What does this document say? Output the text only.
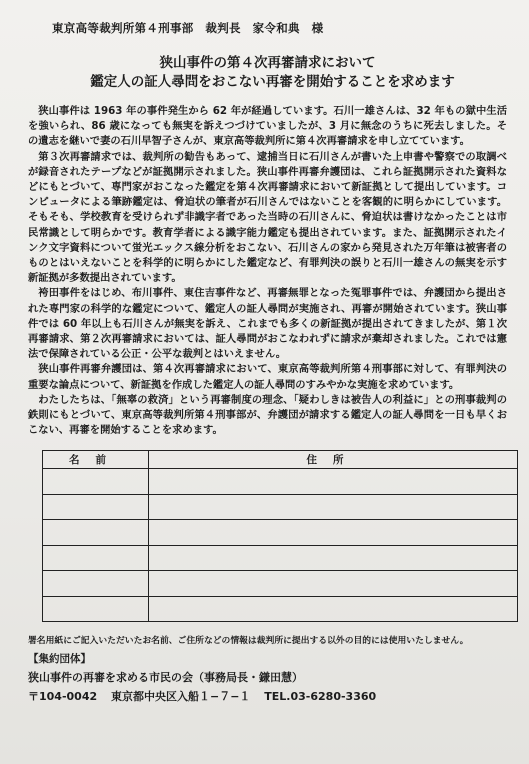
東京高等裁判所第４刑事部　裁判長　家令和典　様
狭山事件の第４次再審請求において
鑑定人の証人尋問をおこない再審を開始することを求めます

狭山事件は 1963 年の事件発生から 62 年が経過しています。石川一雄さんは、32 年もの獄中生活を強いられ、86 歳になっても無実を訴えつづけていましたが、3 月に無念のうちに死去しました。その遺志を継いで妻の石川早智子さんが、東京高等裁判所に第４次再審請求を申し立てています。

第３次再審請求では、裁判所の勧告もあって、逮捕当日に石川さんが書いた上申書や警察での取調べが録音されたテープなどが証拠開示されました。狭山事件再審弁護団は、これら証拠開示された資料などにもとづいて、専門家がおこなった鑑定を第４次再審請求において新証拠として提出しています。コンピュータによる筆跡鑑定は、脅迫状の筆者が石川さんではないことを客観的に明らかにしています。そもそも、学校教育を受けられず非識字者であった当時の石川さんに、脅迫状は書けなかったことは市民常識として明らかです。教育学者による識字能力鑑定も提出されています。また、証拠開示されたインク文字資料について蛍光エックス線分析をおこない、石川さんの家から発見された万年筆は被害者のものとはいえないことを科学的に明らかにした鑑定など、有罪判決の誤りと石川一雄さんの無実を示す新証拠が多数提出されています。

袴田事件をはじめ、布川事件、東住吉事件など、再審無罪となった冤罪事件では、弁護団から提出された専門家の科学的な鑑定について、鑑定人の証人尋問が実施され、再審が開始されています。狭山事件では 60 年以上も石川さんが無実を訴え、これまでも多くの新証拠が提出されてきましたが、第１次再審請求、第２次再審請求においては、証人尋問がおこなわれずに請求が棄却されました。これでは憲法で保障されている公正・公平な裁判とはいえません。

狭山事件再審弁護団は、第４次再審請求において、東京高等裁判所第４刑事部に対して、有罪判決の重要な論点について、新証拠を作成した鑑定人の証人尋問のすみやかな実施を求めています。

わたしたちは、「無辜の救済」という再審制度の理念、「疑わしきは被告人の利益に」との刑事裁判の鉄則にもとづいて、東京高等裁判所第４刑事部が、弁護団が請求する鑑定人の証人尋問を一日も早くおこない、再審を開始することを求めます。

名前	住所

署名用紙にご記入いただいたお名前、ご住所などの情報は裁判所に提出する以外の目的には使用いたしません。
【集約団体】
狭山事件の再審を求める市民の会（事務局長・鎌田慧）
〒104-0042 東京都中央区入船１−７−１ TEL.03-6280-3360
